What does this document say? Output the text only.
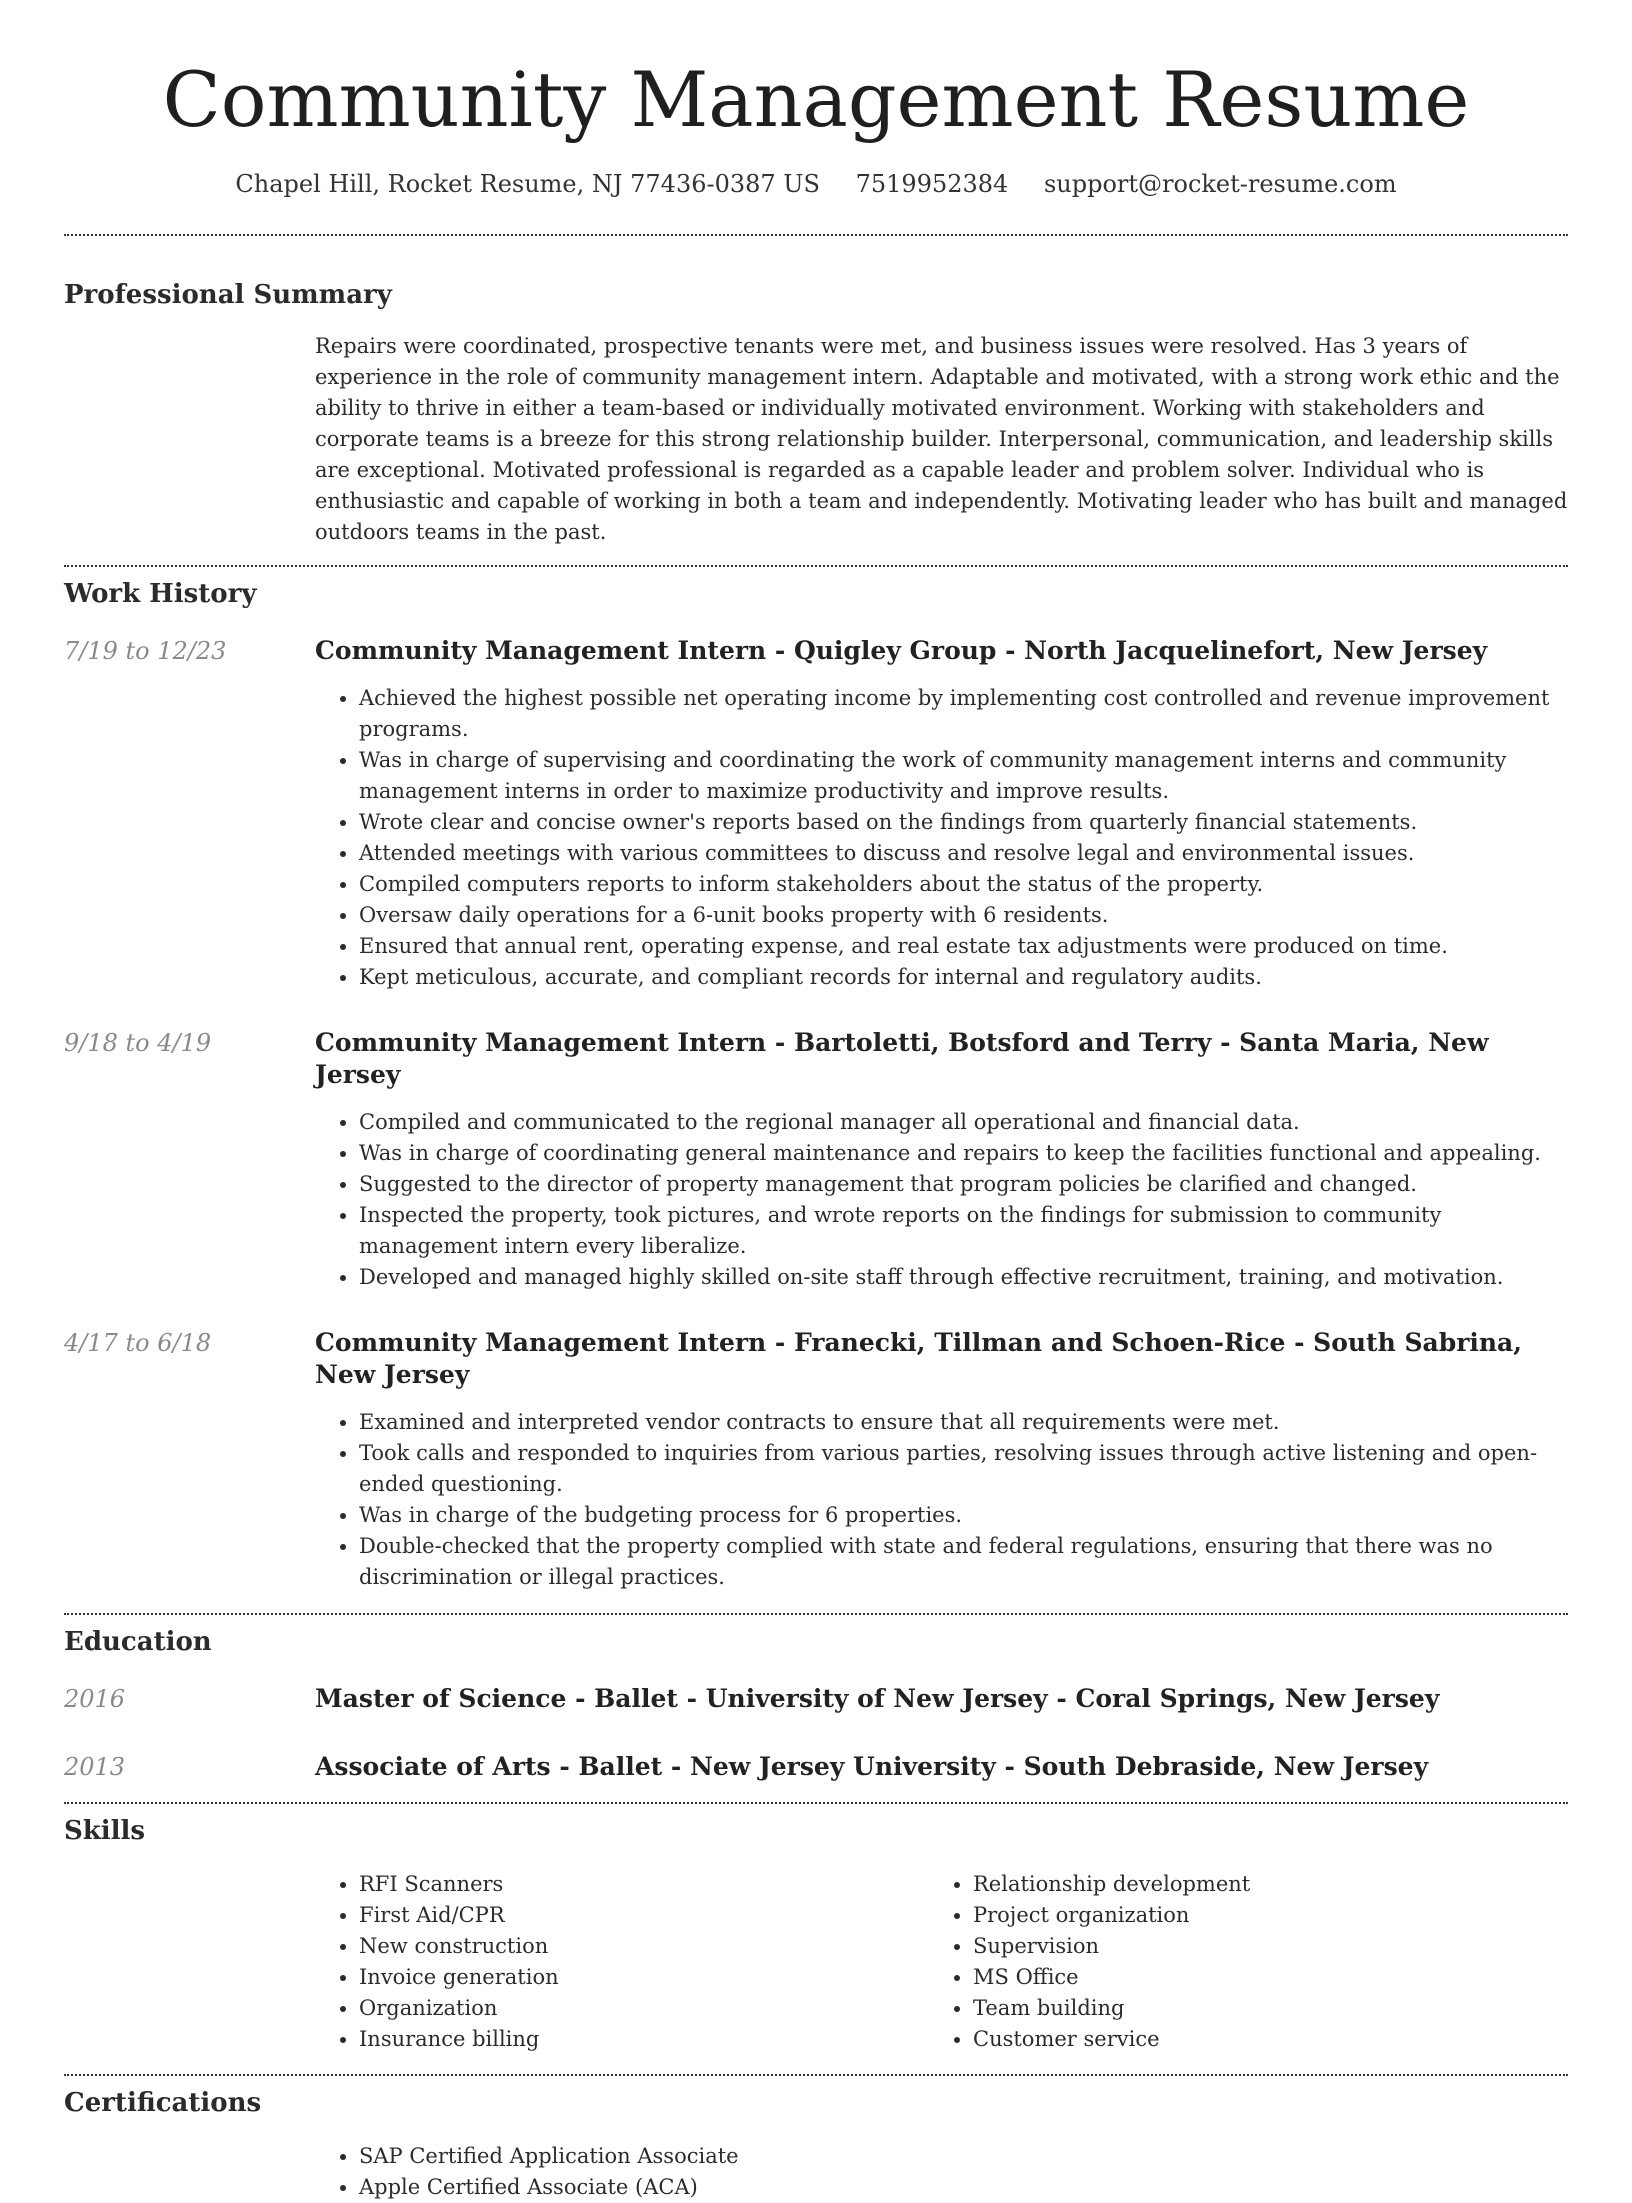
Community Management Resume
Chapel Hill, Rocket Resume, NJ 77436-0387 US 7519952384 support@rocket-resume.com
Professional Summary

Repairs were coordinated, prospective tenants were met, and business issues were resolved. Has 3 years of experience in the role of community management intern. Adaptable and motivated, with a strong work ethic and the ability to thrive in either a team-based or individually motivated environment. Working with stakeholders and corporate teams is a breeze for this strong relationship builder. Interpersonal, communication, and leadership skills are exceptional. Motivated professional is regarded as a capable leader and problem solver. Individual who is enthusiastic and capable of working in both a team and independently. Motivating leader who has built and managed outdoors teams in the past.

Work History
7/19 to 12/23	Community Management Intern - Quigley Group - North Jacquelinefort, New Jersey
• Achieved the highest possible net operating income by implementing cost controlled and revenue improvement programs.
• Was in charge of supervising and coordinating the work of community management interns and community management interns in order to maximize productivity and improve results.
• Wrote clear and concise owner's reports based on the findings from quarterly financial statements.
• Attended meetings with various committees to discuss and resolve legal and environmental issues.
• Compiled computers reports to inform stakeholders about the status of the property.
• Oversaw daily operations for a 6-unit books property with 6 residents.
• Ensured that annual rent, operating expense, and real estate tax adjustments were produced on time.
• Kept meticulous, accurate, and compliant records for internal and regulatory audits.
9/18 to 4/19	Community Management Intern - Bartoletti, Botsford and Terry - Santa Maria, New Jersey
• Compiled and communicated to the regional manager all operational and financial data.
• Was in charge of coordinating general maintenance and repairs to keep the facilities functional and appealing.
• Suggested to the director of property management that program policies be clarified and changed.
• Inspected the property, took pictures, and wrote reports on the findings for submission to community management intern every liberalize.
• Developed and managed highly skilled on-site staff through effective recruitment, training, and motivation.
4/17 to 6/18	Community Management Intern - Franecki, Tillman and Schoen-Rice - South Sabrina, New Jersey
• Examined and interpreted vendor contracts to ensure that all requirements were met.
• Took calls and responded to inquiries from various parties, resolving issues through active listening and open-ended questioning.
• Was in charge of the budgeting process for 6 properties.
• Double-checked that the property complied with state and federal regulations, ensuring that there was no discrimination or illegal practices.
Education
2016	Master of Science - Ballet - University of New Jersey - Coral Springs, New Jersey
2013	Associate of Arts - Ballet - New Jersey University - South Debraside, New Jersey
Skills
• RFI Scanners
• First Aid/CPR
• New construction
• Invoice generation
• Organization
• Insurance billing
• Relationship development
• Project organization
• Supervision
• MS Office
• Team building
• Customer service
Certifications
• SAP Certified Application Associate
• Apple Certified Associate (ACA)
